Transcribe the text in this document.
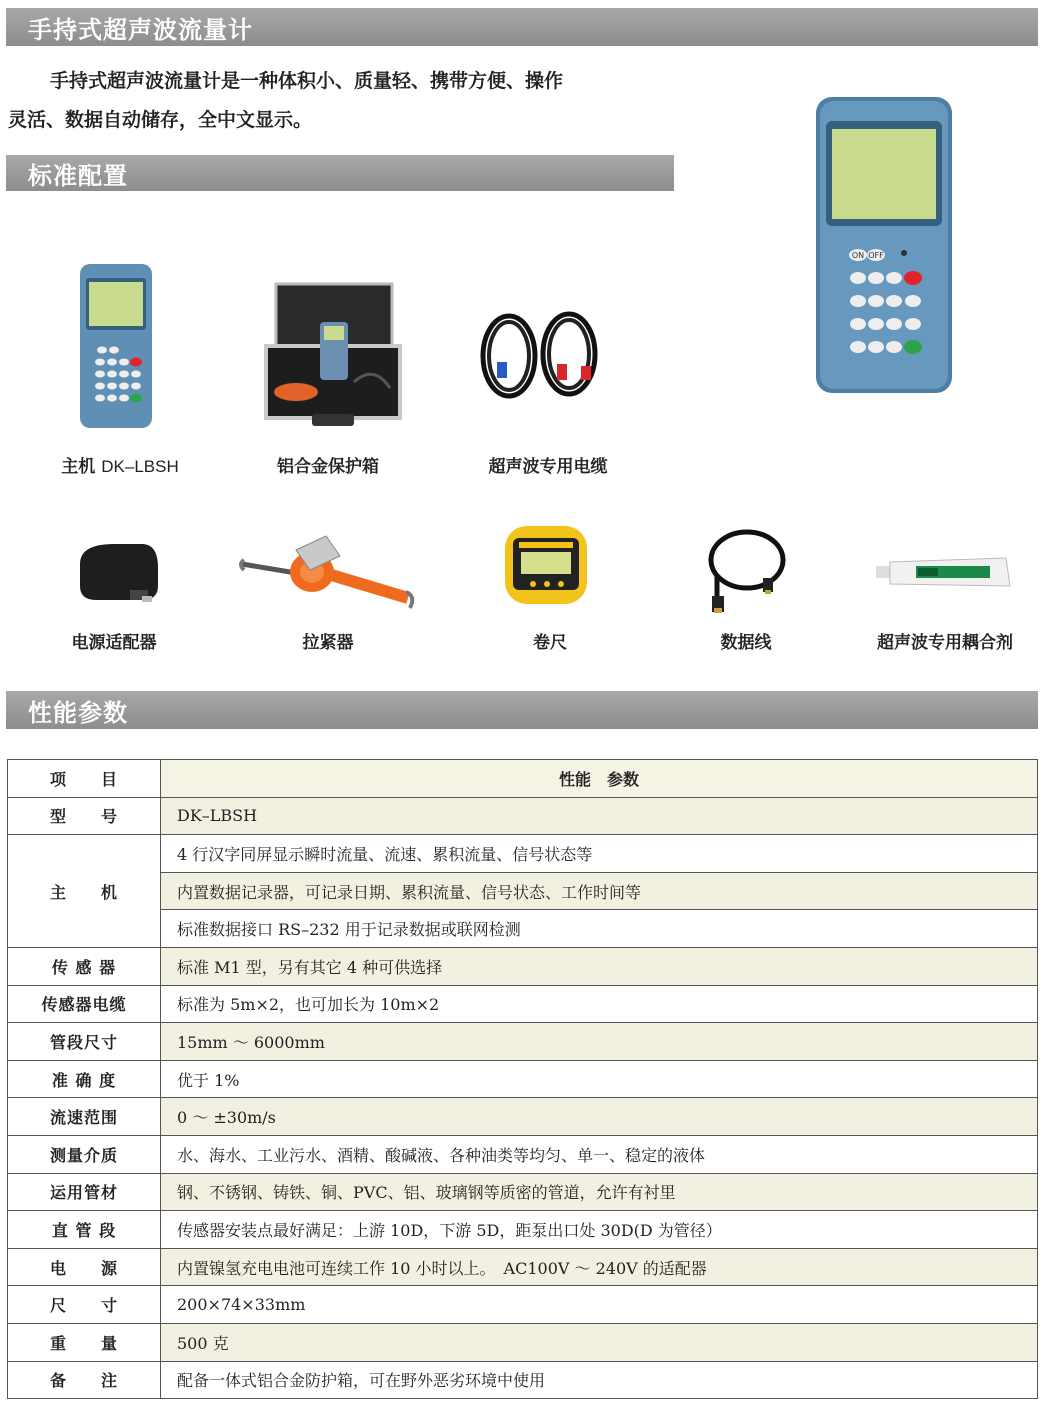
手持式超声波流量计
手持式超声波流量计是一种体积小、质量轻、携带方便、操作
灵活、数据自动储存，全中文显示。
标准配置
ON OFF
主机 DK–LBSH	铝合金保护箱	超声波专用电缆
电源适配器	拉紧器	卷尺	数据线	超声波专用耦合剂
性能参数
项　　目	性能　参数
型　　号	DK–LBSH
主　　机	4 行汉字同屏显示瞬时流量、流速、累积流量、信号状态等
	内置数据记录器，可记录日期、累积流量、信号状态、工作时间等
	标准数据接口 RS–232 用于记录数据或联网检测
传 感 器	标准 M1 型，另有其它 4 种可供选择
传感器电缆	标准为 5m×2，也可加长为 10m×2
管段尺寸	15mm ～ 6000mm
准 确 度	优于 1%
流速范围	0 ～ ±30m/s
测量介质	水、海水、工业污水、酒精、酸碱液、各种油类等均匀、单一、稳定的液体
运用管材	钢、不锈钢、铸铁、铜、PVC、铝、玻璃钢等质密的管道，允许有衬里
直 管 段	传感器安装点最好满足：上游 10D，下游 5D，距泵出口处 30D(D 为管径）
电　　源	内置镍氢充电电池可连续工作 10 小时以上。　AC100V ～ 240V 的适配器
尺　　寸	200×74×33mm
重　　量	500 克
备　　注	配备一体式铝合金防护箱，可在野外恶劣环境中使用
